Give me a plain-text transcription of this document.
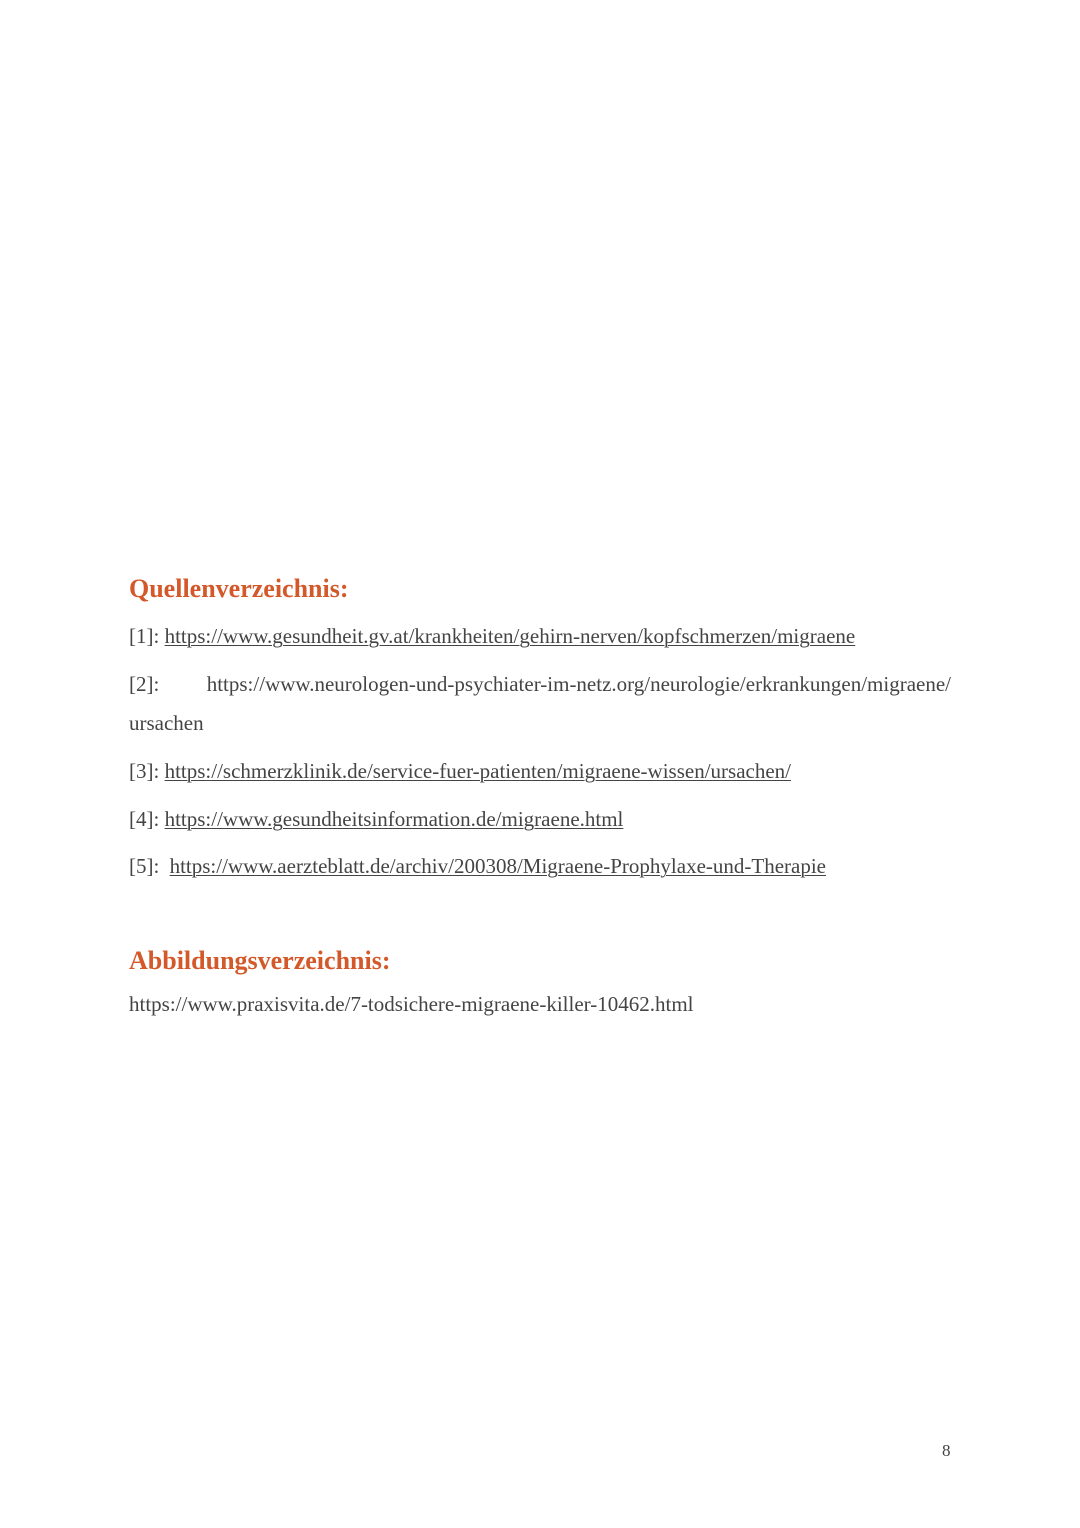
Quellenverzeichnis:
[1]: https://www.gesundheit.gv.at/krankheiten/gehirn-nerven/kopfschmerzen/migraene
[2]: https://www.neurologen-und-psychiater-im-netz.org/neurologie/erkrankungen/migraene/
ursachen
[3]: https://schmerzklinik.de/service-fuer-patienten/migraene-wissen/ursachen/
[4]: https://www.gesundheitsinformation.de/migraene.html
[5]: https://www.aerzteblatt.de/archiv/200308/Migraene-Prophylaxe-und-Therapie
Abbildungsverzeichnis:
https://www.praxisvita.de/7-todsichere-migraene-killer-10462.html
8
